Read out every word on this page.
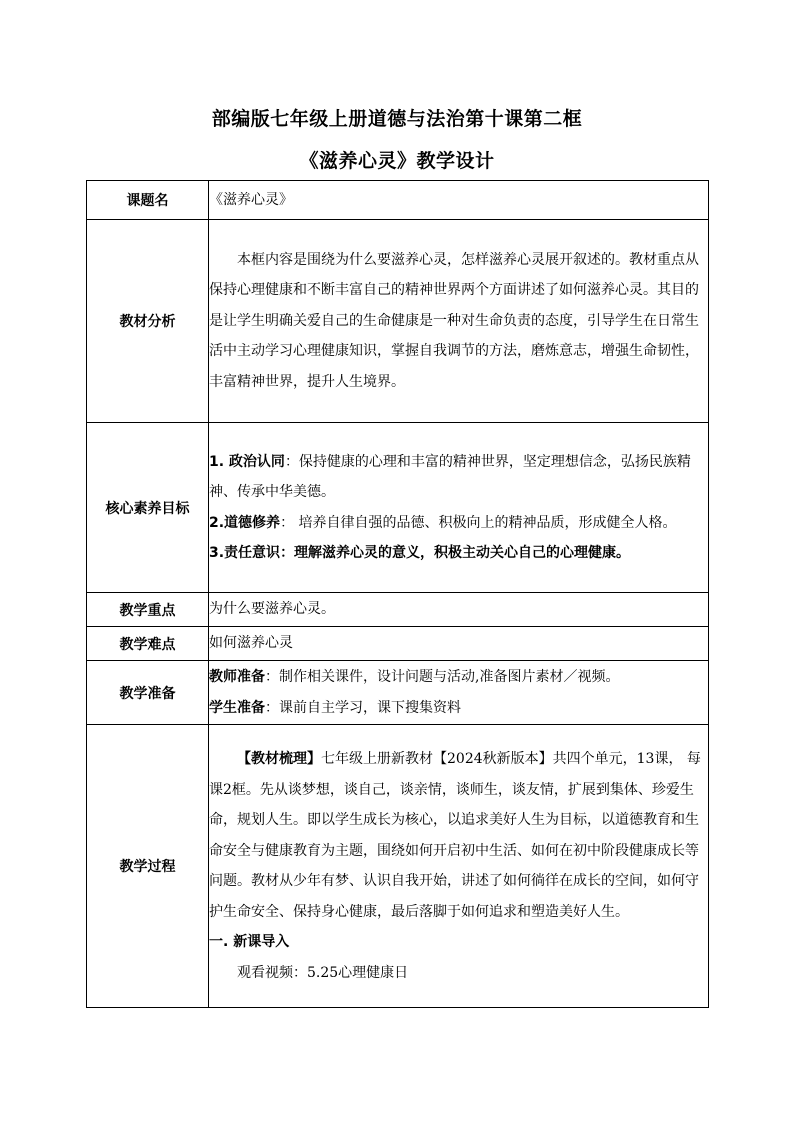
部编版七年级上册道德与法治第十课第二框
《滋养心灵》教学设计
课题名	《滋养心灵》
教材分析	本框内容是围绕为什么要滋养心灵，怎样滋养心灵展开叙述的。教材重点从保持心理健康和不断丰富自己的精神世界两个方面讲述了如何滋养心灵。其目的是让学生明确关爱自己的生命健康是一种对生命负责的态度，引导学生在日常生活中主动学习心理健康知识，掌握自我调节的方法，磨炼意志，增强生命韧性，丰富精神世界，提升人生境界。

核心素养目标	1. 政治认同：保持健康的心理和丰富的精神世界，坚定理想信念，弘扬民族精神、传承中华美德。

2.道德修养： 培养自律自强的品德、积极向上的精神品质，形成健全人格。

3.责任意识：理解滋养心灵的意义，积极主动关心自己的心理健康。

教学重点	为什么要滋养心灵。
教学难点	如何滋养心灵
教学准备	教师准备：制作相关课件，设计问题与活动,准备图片素材／视频。

学生准备：课前自主学习，课下搜集资料

教学过程	【教材梳理】七年级上册新教材【2024秋新版本】共四个单元，13课， 每课2框。先从谈梦想，谈自己，谈亲情，谈师生，谈友情，扩展到集体、珍爱生命，规划人生。即以学生成长为核心，以追求美好人生为目标，以道德教育和生命安全与健康教育为主题，围绕如何开启初中生活、如何在初中阶段健康成长等问题。教材从少年有梦、认识自我开始，讲述了如何徜徉在成长的空间，如何守护生命安全、保持身心健康，最后落脚于如何追求和塑造美好人生。

一. 新课导入

观看视频：5.25心理健康日
